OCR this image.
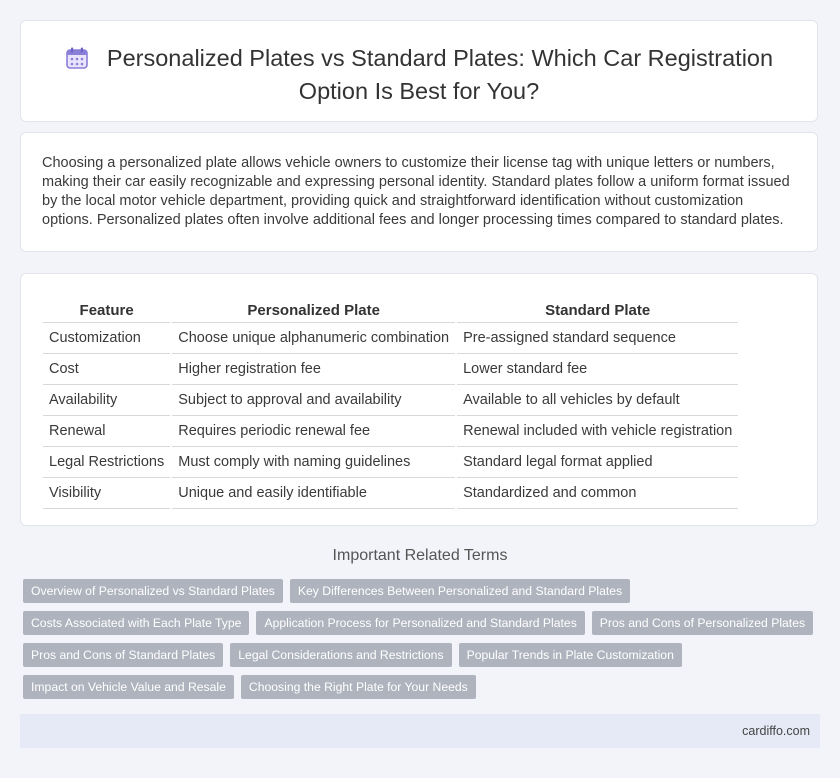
Personalized Plates vs Standard Plates: Which Car Registration
Option Is Best for You?
Choosing a personalized plate allows vehicle owners to customize their license tag with unique letters or numbers, making their car easily recognizable and expressing personal identity. Standard plates follow a uniform format issued by the local motor vehicle department, providing quick and straightforward identification without customization options. Personalized plates often involve additional fees and longer processing times compared to standard plates.
Feature	Personalized Plate	Standard Plate
Customization	Choose unique alphanumeric combination	Pre-assigned standard sequence
Cost	Higher registration fee	Lower standard fee
Availability	Subject to approval and availability	Available to all vehicles by default
Renewal	Requires periodic renewal fee	Renewal included with vehicle registration
Legal Restrictions	Must comply with naming guidelines	Standard legal format applied
Visibility	Unique and easily identifiable	Standardized and common
Important Related Terms
Overview of Personalized vs Standard Plates	Key Differences Between Personalized and Standard Plates
Costs Associated with Each Plate Type	Application Process for Personalized and Standard Plates	Pros and Cons of Personalized Plates
Pros and Cons of Standard Plates	Legal Considerations and Restrictions	Popular Trends in Plate Customization
Impact on Vehicle Value and Resale	Choosing the Right Plate for Your Needs
cardiffo.com
